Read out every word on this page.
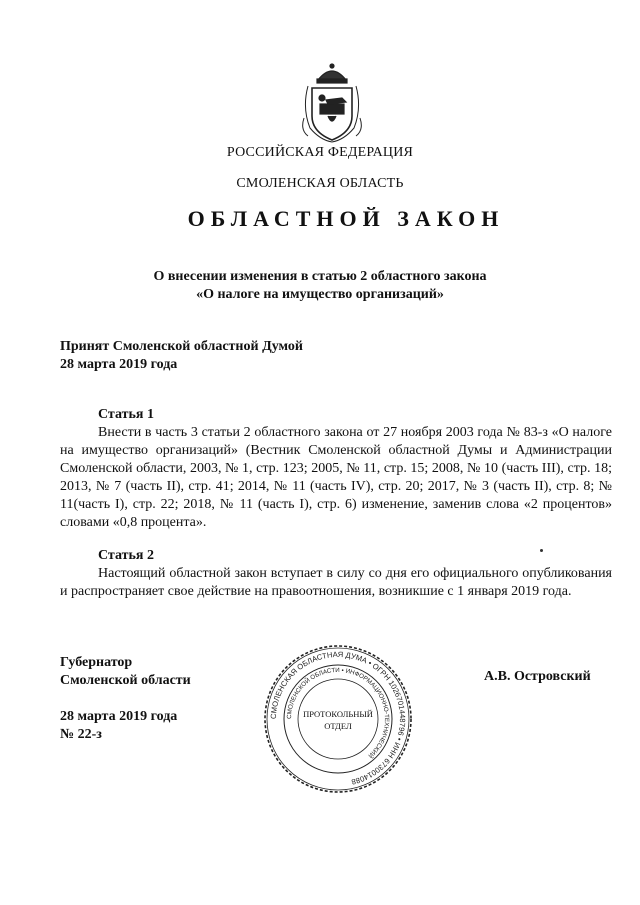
РОССИЙСКАЯ ФЕДЕРАЦИЯ
СМОЛЕНСКАЯ ОБЛАСТЬ
ОБЛАСТНОЙ ЗАКОН
О внесении изменения в статью 2 областного закона
«О налоге на имущество организаций»
Принят Смоленской областной Думой
28 марта 2019 года
Статья 1
Внести в часть 3 статьи 2 областного закона от 27 ноября 2003 года № 83-з «О налоге на имущество организаций» (Вестник Смоленской областной Думы и Администрации Смоленской области, 2003, № 1, стр. 123; 2005, № 11, стр. 15; 2008, № 10 (часть III), стр. 18; 2013, № 7 (часть II), стр. 41; 2014, № 11 (часть IV), стр. 20; 2017, № 3 (часть II), стр. 8; № 11(часть I), стр. 22; 2018, № 11 (часть I), стр. 6) изменение, заменив слова «2 процентов» словами «0,8 процента».
Статья 2
Настоящий областной закон вступает в силу со дня его официального опубликования и распространяет свое действие на правоотношения, возникшие с 1 января 2019 года.
Губернатор
Смоленской области	А.В. Островский
28 марта 2019 года
№ 22-з
СМОЛЕНСКАЯ ОБЛАСТНАЯ ДУМА • ОГРН 1026701448796 • ИНН 6730014088
СМОЛЕНСКОЙ ОБЛАСТИ • ИНФОРМАЦИОННО-ТЕХНИЧЕСКИЙ
ПРОТОКОЛЬНЫЙ
ОТДЕЛ
